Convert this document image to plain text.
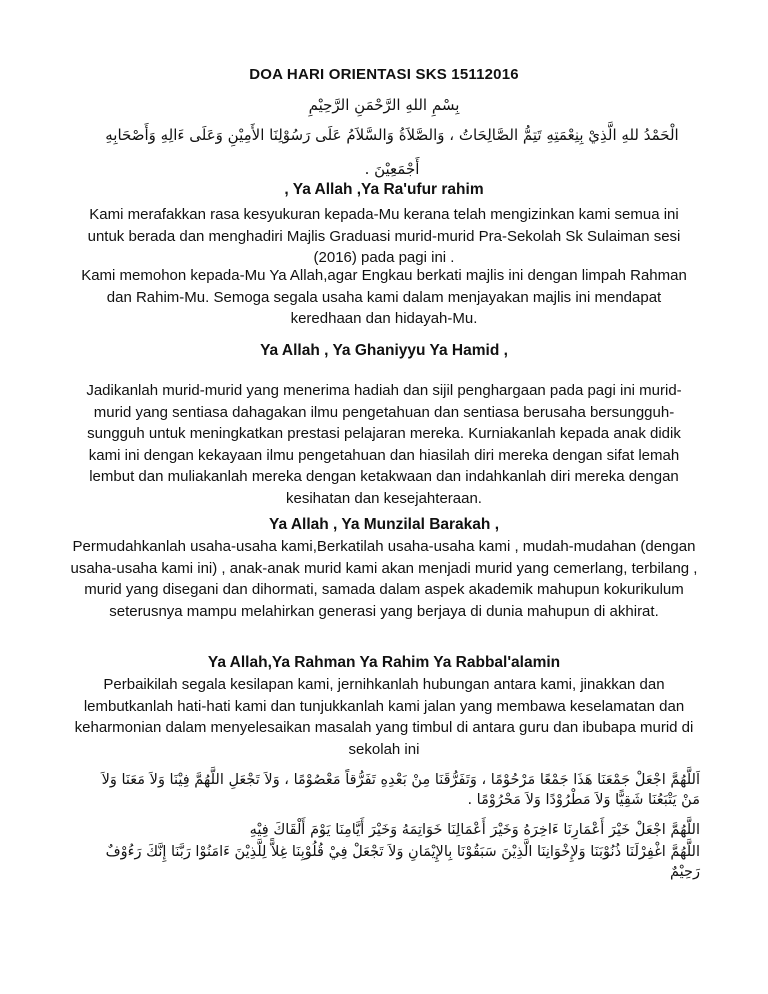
DOA HARI ORIENTASI SKS 15112016
بِسْمِ اللهِ الرَّحْمَنِ الرَّحِيْمِ
الْحَمْدُ للهِ الَّذِيْ بِنِعْمَتِهِ تَتِمُّ الصَّالِحَاتُ ، وَالصَّلاَةُ وَالسَّلاَمُ عَلَى رَسُوْلِنَا الأَمِيْنِ وَعَلَى ءَالِهِ وَأَصْحَابِهِ أَجْمَعِيْنَ .
, Ya Allah ,Ya Ra'ufur rahim
Kami merafakkan rasa kesyukuran kepada-Mu kerana telah mengizinkan kami semua ini untuk berada dan menghadiri Majlis Graduasi murid-murid Pra-Sekolah Sk Sulaiman sesi (2016) pada pagi ini .
Kami memohon kepada-Mu Ya Allah,agar Engkau berkati majlis ini dengan limpah Rahman dan Rahim-Mu. Semoga segala usaha kami dalam menjayakan majlis ini mendapat keredhaan dan hidayah-Mu.
Ya Allah , Ya Ghaniyyu Ya Hamid ,
Jadikanlah murid-murid yang menerima hadiah dan sijil penghargaan pada pagi ini murid-murid yang sentiasa dahagakan ilmu pengetahuan dan sentiasa berusaha bersungguh-sungguh untuk meningkatkan prestasi pelajaran mereka. Kurniakanlah kepada anak didik kami ini dengan kekayaan ilmu pengetahuan dan hiasilah diri mereka dengan sifat lemah lembut dan muliakanlah mereka dengan ketakwaan dan indahkanlah diri mereka dengan kesihatan dan kesejahteraan.
Ya Allah , Ya Munzilal Barakah ,
Permudahkanlah usaha-usaha kami,Berkatilah usaha-usaha kami , mudah-mudahan (dengan usaha-usaha kami ini) , anak-anak murid kami akan menjadi murid yang cemerlang, terbilang , murid yang disegani dan dihormati, samada dalam aspek akademik mahupun kokurikulum seterusnya mampu melahirkan generasi yang berjaya di dunia mahupun di akhirat.
Ya Allah,Ya Rahman Ya Rahim Ya Rabbal'alamin
Perbaikilah segala kesilapan kami, jernihkanlah hubungan antara kami, jinakkan dan lembutkanlah hati-hati kami dan tunjukkanlah kami jalan yang membawa keselamatan dan keharmonian dalam menyelesaikan masalah yang timbul di antara guru dan ibubapa murid di sekolah ini
اَللَّهُمَّ اجْعَلْ جَمْعَنَا هَذَا جَمْعًا مَرْحُوْمًا ، وَتَفَرُّقَنَا مِنْ بَعْدِهِ تَفَرُّقاً مَعْصُوْمًا ، وَلاَ تَجْعَلِ اللَّهُمَّ فِيْنَا وَلاَ مَعَنَا وَلاَ مَنْ يَتْبَعُنَا شَقِيًّا وَلاَ مَطْرُوْدًا وَلاَ مَحْرُوْمًا .
اللَّهُمَّ اجْعَلْ خَيْرَ أَعْمَارِنَا ءَاخِرَهُ وَخَيْرَ أَعْمَالِنَا خَوَاتِمَهُ وَخَيْرَ أَيَّامِنَا يَوْمَ أَلْقَاكَ فِيْهِ
اللَّهُمَّ اغْفِرْلَنَا ذُنُوْبَنَا وَلإِخْوَانِنَا الَّذِيْنَ سَبَقُوْنَا بِالإِيْمَانِ وَلاَ تَجْعَلْ فِيْ قُلُوْبِنَا غِلاًّ لِلَّذِيْنَ ءَامَنُوْا رَبَّنَا إِنَّكَ رَءُوْفٌ رَحِيْمٌ
